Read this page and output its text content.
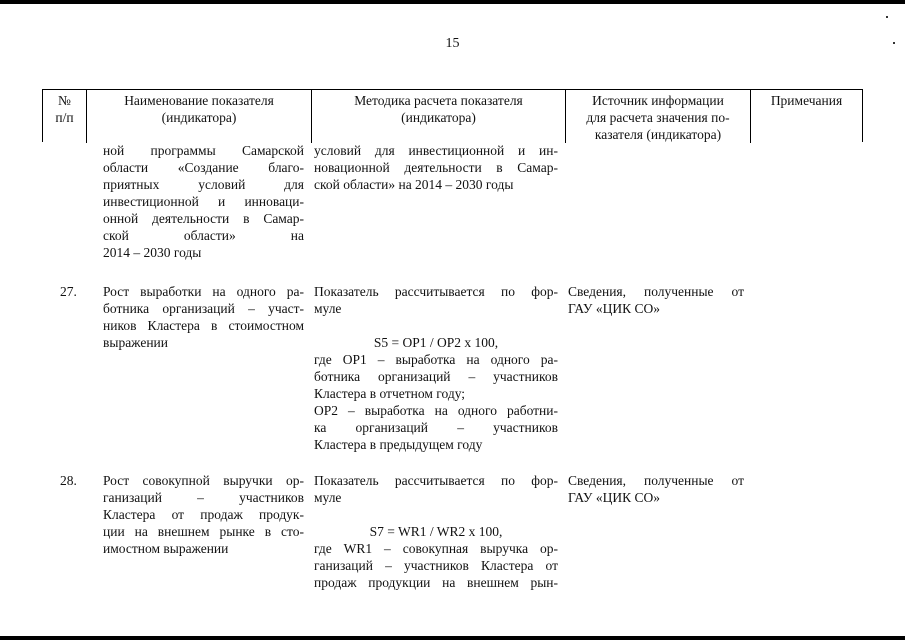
15
№
п/п
Наименование показателя
(индикатора)
Методика расчета показателя
(индикатора)
Источник информации
для расчета значения по-
казателя (индикатора)
Примечания
ной программы Самарской
области «Создание благо-
приятных условий для
инвестиционной и инноваци-
онной деятельности в Самар-
ской области» на
2014 – 2030 годы
условий для инвестиционной и ин-
новационной деятельности в Самар-
ской области» на 2014 – 2030 годы
27. Рост выработки на одного ра-
ботника организаций – участ-
ников Кластера в стоимостном
выражении
Показатель рассчитывается по фор-
муле
S5 = OP1 / OP2 x 100,
где OP1 – выработка на одного ра-
ботника организаций – участников
Кластера в отчетном году;
OP2 – выработка на одного работни-
ка организаций – участников
Кластера в предыдущем году
Сведения, полученные от
ГАУ «ЦИК СО»
28. Рост совокупной выручки ор-
ганизаций – участников
Кластера от продаж продук-
ции на внешнем рынке в сто-
имостном выражении
Показатель рассчитывается по фор-
муле
S7 = WR1 / WR2 x 100,
где WR1 – совокупная выручка ор-
ганизаций – участников Кластера от
продаж продукции на внешнем рын-
Сведения, полученные от
ГАУ «ЦИК СО»
